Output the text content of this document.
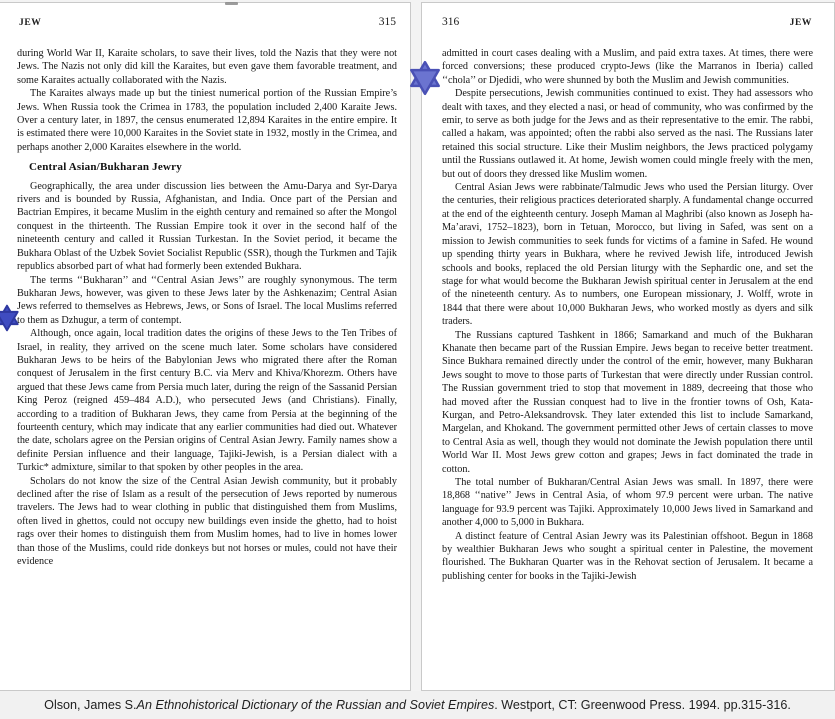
JEW	315

during World War II, Karaite scholars, to save their lives, told the Nazis that they were not Jews. The Nazis not only did kill the Karaites, but even gave them favorable treatment, and some Karaites actually collaborated with the Nazis.

The Karaites always made up but the tiniest numerical portion of the Russian Empire’s Jews. When Russia took the Crimea in 1783, the population included 2,400 Karaite Jews. Over a century later, in 1897, the census enumerated 12,894 Karaites in the entire empire. It is estimated there were 10,000 Karaites in the Soviet state in 1932, mostly in the Crimea, and perhaps another 2,000 Karaites elsewhere in the world.

Central Asian/Bukharan Jewry

Geographically, the area under discussion lies between the Amu-Darya and Syr-Darya rivers and is bounded by Russia, Afghanistan, and India. Once part of the Persian and Bactrian Empires, it became Muslim in the eighth century and remained so after the Mongol conquest in the thirteenth. The Russian Empire took it over in the second half of the nineteenth century and called it Russian Turkestan. In the Soviet period, it became the Bukhara Oblast of the Uzbek Soviet Socialist Republic (SSR), though the Turkmen and Tajik republics absorbed part of what had formerly been extended Bukhara.

The terms ‘‘Bukharan’’ and ‘‘Central Asian Jews’’ are roughly synonymous. The term Bukharan Jews, however, was given to these Jews later by the Ashkenazim; Central Asian Jews referred to themselves as Hebrews, Jews, or Sons of Israel. The local Muslims referred to them as Dzhugur, a term of contempt.

Although, once again, local tradition dates the origins of these Jews to the Ten Tribes of Israel, in reality, they arrived on the scene much later. Some scholars have considered Bukharan Jews to be heirs of the Babylonian Jews who migrated there after the Roman conquest of Jerusalem in the first century B.C. via Merv and Khiva/Khorezm. Others have argued that these Jews came from Persia much later, during the reign of the Sassanid Persian King Peroz (reigned 459–484 A.D.), who persecuted Jews (and Christians). Finally, according to a tradition of Bukharan Jews, they came from Persia at the beginning of the fourteenth century, which may indicate that any earlier communities had died out. Whatever the date, scholars agree on the Persian origins of Central Asian Jewry. Family names show a definite Persian influence and their language, Tajiki-Jewish, is a Persian dialect with a Turkic* admixture, similar to that spoken by other peoples in the area.

Scholars do not know the size of the Central Asian Jewish community, but it probably declined after the rise of Islam as a result of the persecution of Jews reported by numerous travelers. The Jews had to wear clothing in public that distinguished them from Muslims, often lived in ghettos, could not occupy new buildings even inside the ghetto, had to hoist rags over their homes to distinguish them from Muslim homes, had to live in homes lower than those of the Muslims, could ride donkeys but not horses or mules, could not have their evidence

316	JEW

admitted in court cases dealing with a Muslim, and paid extra taxes. At times, there were forced conversions; these produced crypto-Jews (like the Marranos in Iberia) called ‘‘chola’’ or Djedidi, who were shunned by both the Muslim and Jewish communities.

Despite persecutions, Jewish communities continued to exist. They had assessors who dealt with taxes, and they elected a nasi, or head of community, who was confirmed by the emir, to serve as both judge for the Jews and as their representative to the emir. The rabbi, called a hakam, was appointed; often the rabbi also served as the nasi. The Russians later retained this social structure. Like their Muslim neighbors, the Jews practiced polygamy until the Russians outlawed it. At home, Jewish women could mingle freely with the men, but out of doors they dressed like Muslim women.

Central Asian Jews were rabbinate/Talmudic Jews who used the Persian liturgy. Over the centuries, their religious practices deteriorated sharply. A fundamental change occurred at the end of the eighteenth century. Joseph Maman al Maghribi (also known as Joseph ha-Ma’aravi, 1752–1823), born in Tetuan, Morocco, but living in Safed, was sent on a mission to Jewish communities to seek funds for victims of a famine in Safed. He wound up spending thirty years in Bukhara, where he revived Jewish life, introduced Jewish schools and books, replaced the old Persian liturgy with the Sephardic one, and set the stage for what would become the Bukharan Jewish spiritual center in Jerusalem at the end of the nineteenth century. As to numbers, one European missionary, J. Wolff, wrote in 1844 that there were about 10,000 Bukharan Jews, who worked mostly as dyers and silk traders.

The Russians captured Tashkent in 1866; Samarkand and much of the Bukharan Khanate then became part of the Russian Empire. Jews began to receive better treatment. Since Bukhara remained directly under the control of the emir, however, many Bukharan Jews sought to move to those parts of Turkestan that were directly under Russian control. The Russian government tried to stop that movement in 1889, decreeing that those who had moved after the Russian conquest had to live in the frontier towns of Osh, Kata-Kurgan, and Petro-Aleksandrovsk. They later extended this list to include Samarkand, Margelan, and Khokand. The government permitted other Jews of certain classes to move to Central Asia as well, though they would not dominate the Jewish population there until World War II. Most Jews grew cotton and grapes; Jews in fact dominated the trade in cotton.

The total number of Bukharan/Central Asian Jews was small. In 1897, there were 18,868 ‘‘native’’ Jews in Central Asia, of whom 97.9 percent were urban. The native language for 93.9 percent was Tajiki. Approximately 10,000 Jews lived in Samarkand and another 4,000 to 5,000 in Bukhara.

A distinct feature of Central Asian Jewry was its Palestinian offshoot. Begun in 1868 by wealthier Bukharan Jews who sought a spiritual center in Palestine, the movement flourished. The Bukharan Quarter was in the Rehovat section of Jerusalem. It became a publishing center for books in the Tajiki-Jewish

Olson, James S. An Ethnohistorical Dictionary of the Russian and Soviet Empires . Westport, CT: Greenwood Press. 1994. pp.315-316.
